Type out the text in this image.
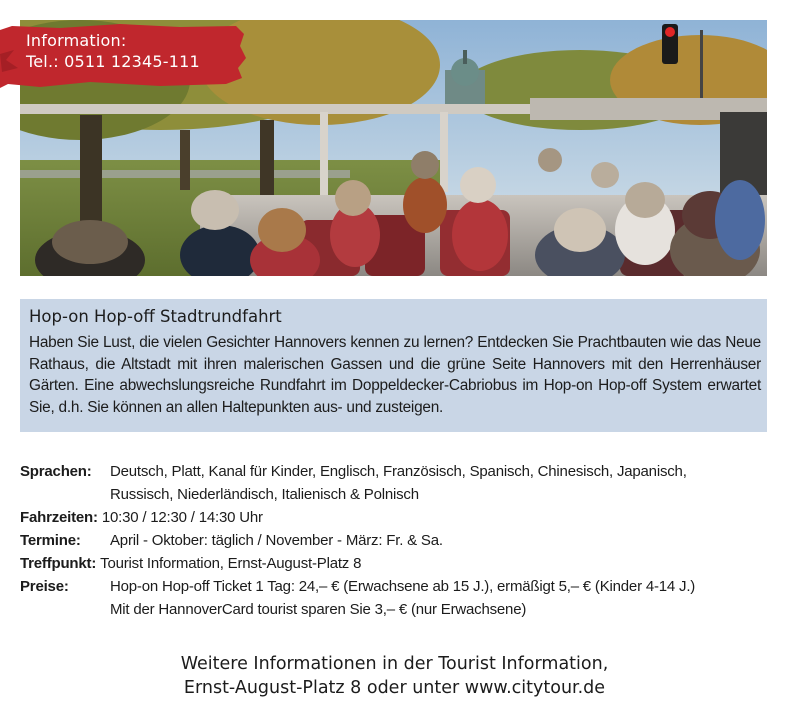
Information:
Tel.: 0511 12345-111
Hop-on Hop-off Stadtrundfahrt
Haben Sie Lust, die vielen Gesichter Hannovers kennen zu lernen? Entdecken Sie Prachtbauten wie das Neue Rathaus, die Altstadt mit ihren malerischen Gassen und die grüne Seite Hannovers mit den Herrenhäuser Gärten. Eine abwechslungsreiche Rundfahrt im Doppeldecker-Cabriobus im Hop-on Hop-off System erwartet Sie, d.h. Sie können an allen Haltepunkten aus- und zusteigen.
Sprachen:	Deutsch, Platt, Kanal für Kinder, Englisch, Französisch, Spanisch, Chinesisch, Japanisch,
Russisch, Niederländisch, Italienisch & Polnisch
Fahrzeiten: 10:30 / 12:30 / 14:30 Uhr
Termine:	April - Oktober: täglich / November - März: Fr. & Sa.
Treffpunkt: Tourist Information, Ernst-August-Platz 8
Preise:	Hop-on Hop-off Ticket 1 Tag: 24,– € (Erwachsene ab 15 J.), ermäßigt 5,– € (Kinder 4-14 J.)
Mit der HannoverCard tourist sparen Sie 3,– € (nur Erwachsene)
Weitere Informationen in der Tourist Information,
Ernst-August-Platz 8 oder unter www.citytour.de
